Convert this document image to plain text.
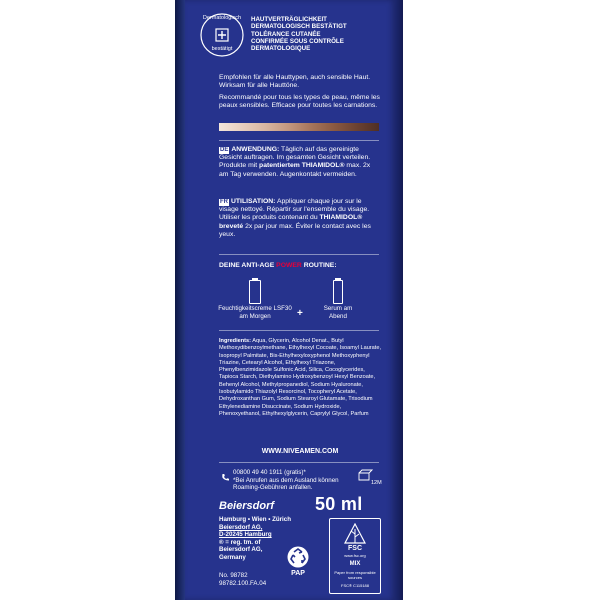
Dermatologisch
bestätigt
HAUTVERTRÄGLICHKEIT
DERMATOLOGISCH BESTÄTIGT
TOLÉRANCE CUTANÉE
CONFIRMÉE SOUS CONTRÔLE
DERMATOLOGIQUE
Empfohlen für alle Hauttypen, auch sensible Haut. Wirksam für alle Hauttöne.
Recommandé pour tous les types de peau, même les peaux sensibles. Efficace pour toutes les carnations.
DE ANWENDUNG: Täglich auf das gereinigte Gesicht auftragen. Im gesamten Gesicht verteilen. Produkte mit patentiertem THIAMIDOL® max. 2x am Tag verwenden. Augenkontakt vermeiden.
FR UTILISATION: Appliquer chaque jour sur le visage nettoyé. Répartir sur l'ensemble du visage. Utiliser les produits contenant du THIAMIDOL® breveté 2x par jour max. Éviter le contact avec les yeux.
DEINE ANTI-AGE POWER ROUTINE:
+
Feuchtigkeitscreme LSF30 am Morgen
Serum am Abend
Ingredients: Aqua, Glycerin, Alcohol Denat., Butyl Methoxydibenzoylmethane, Ethylhexyl Cocoate, Isoamyl Laurate, Isopropyl Palmitate, Bis-Ethylhexyloxyphenol Methoxyphenyl Triazine, Cetearyl Alcohol, Ethylhexyl Triazone, Phenylbenzimidazole Sulfonic Acid, Silica, Cocoglycerides, Tapioca Starch, Diethylamino Hydroxybenzoyl Hexyl Benzoate, Behenyl Alcohol, Methylpropanediol, Sodium Hyaluronate, Isobutylamido Thiazolyl Resorcinol, Tocopheryl Acetate, Dehydroxanthan Gum, Sodium Stearoyl Glutamate, Trisodium Ethylenediamine Disuccinate, Sodium Hydroxide, Phenoxyethanol, Ethylhexylglycerin, Caprylyl Glycol, Parfum
WWW.NIVEAMEN.COM
00800 49 40 1911 (gratis)*
*Bei Anrufen aus dem Ausland können Roaming-Gebühren anfallen.
12M
Beiersdorf 50 ml
Hamburg • Wien • Zürich
Beiersdorf AG,
D-20245 Hamburg
® = reg. tm. of
Beiersdorf AG,
Germany
No. 98782
98782.100.FA.04
PAP
FSC
www.fsc.org
MIX
Paper from responsible sources
FSC® C115188
